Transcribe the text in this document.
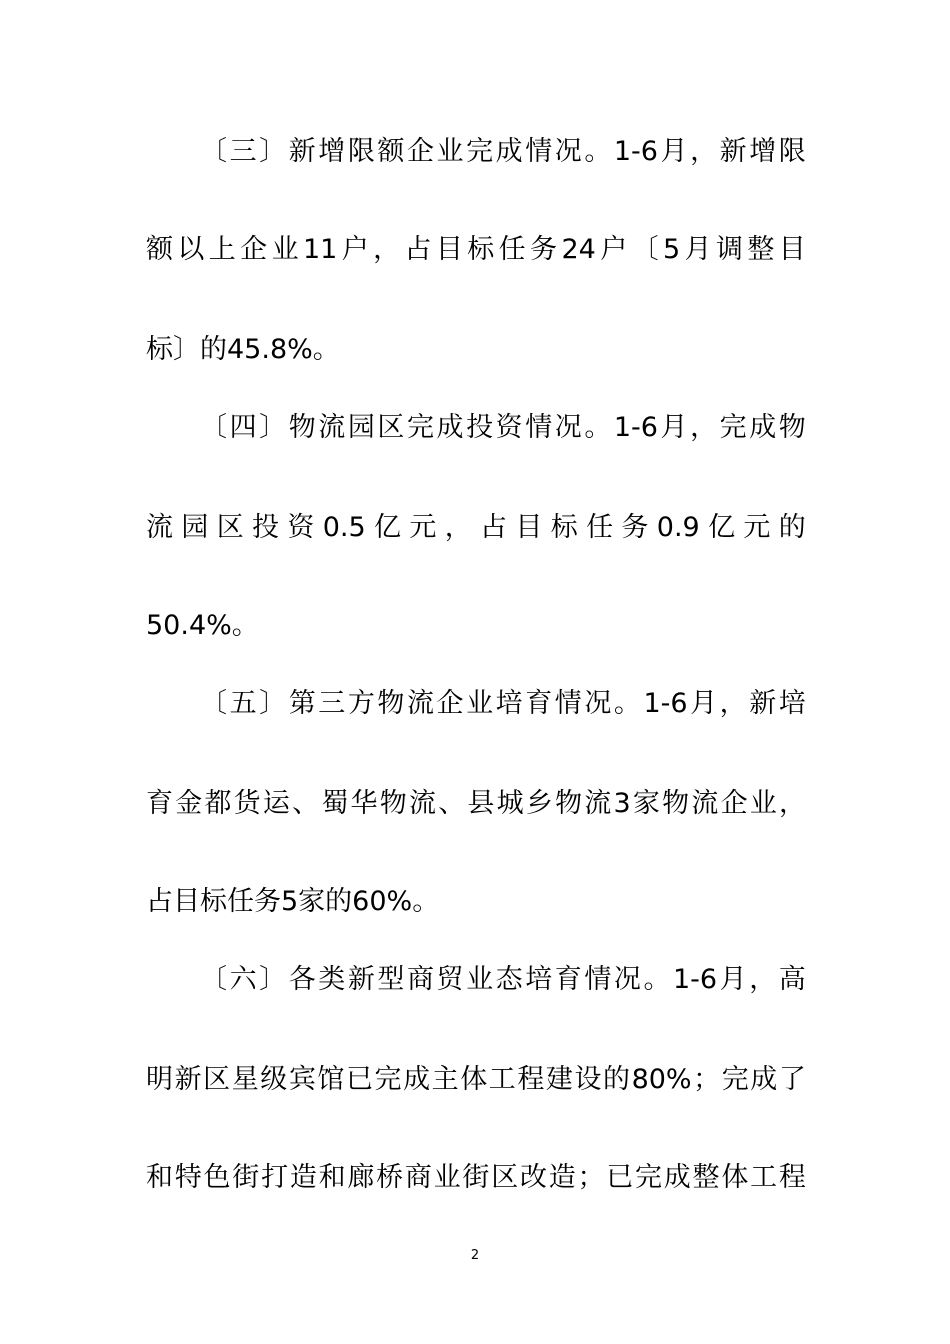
〔 三 〕 新 增 限 额 企 业 完 成 情 况 。 1-6 月 ， 新 增 限
额 以 上 企 业 11 户 ， 占 目 标 任 务 24 户 〔 5 月 调 整 目
标〕的45.8%。
〔 四 〕 物 流 园 区 完 成 投 资 情 况 。 1-6 月 ， 完 成 物
流 园 区 投 资 0.5 亿 元 ， 占 目 标 任 务 0.9 亿 元 的
50.4%。
〔 五 〕 第 三 方 物 流 企 业 培 育 情 况 。 1-6 月 ， 新 培
育 金 都 货 运 、 蜀 华 物 流 、 县 城 乡 物 流 3 家 物 流 企 业 ，
占目标任务5家的60%。
〔 六 〕 各 类 新 型 商 贸 业 态 培 育 情 况 。 1-6 月 ， 高
明 新 区 星 级 宾 馆 已 完 成 主 体 工 程 建 设 的 80% ； 完 成 了
和 特 色 街 打 造 和 廊 桥 商 业 街 区 改 造 ； 已 完 成 整 体 工 程
2
